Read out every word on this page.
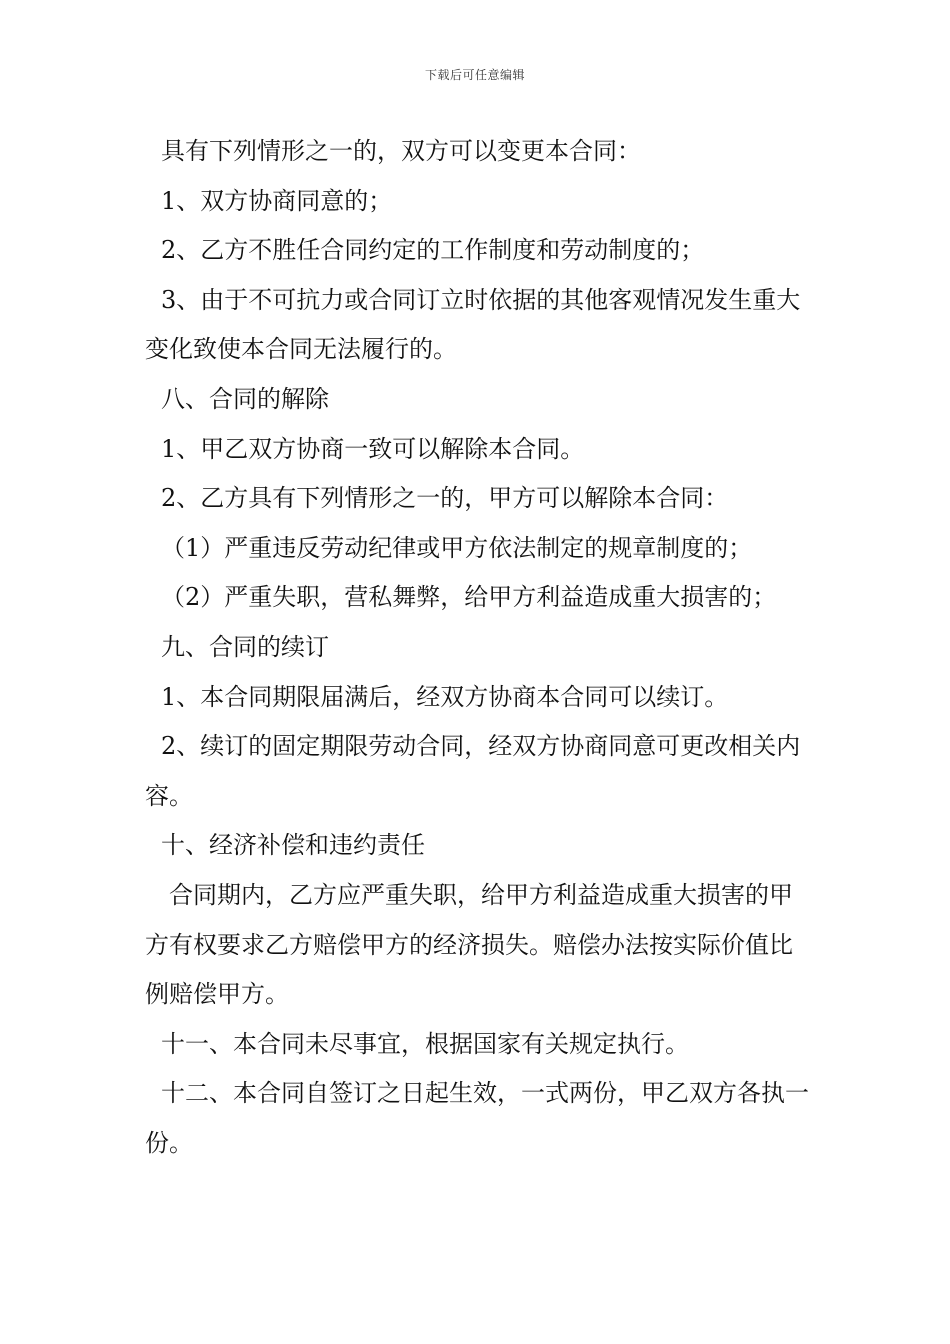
下载后可任意编辑

具有下列情形之一的，双方可以变更本合同：

1、双方协商同意的；

2、乙方不胜任合同约定的工作制度和劳动制度的；

3、由于不可抗力或合同订立时依据的其他客观情况发生重大变化致使本合同无法履行的。

八、合同的解除

1、甲乙双方协商一致可以解除本合同。

2、乙方具有下列情形之一的，甲方可以解除本合同：

（1）严重违反劳动纪律或甲方依法制定的规章制度的；

（2）严重失职，营私舞弊，给甲方利益造成重大损害的；

九、合同的续订

1、本合同期限届满后，经双方协商本合同可以续订。

2、续订的固定期限劳动合同，经双方协商同意可更改相关内容。

十、经济补偿和违约责任

合同期内，乙方应严重失职，给甲方利益造成重大损害的甲方有权要求乙方赔偿甲方的经济损失。赔偿办法按实际价值比例赔偿甲方。

十一、本合同未尽事宜，根据国家有关规定执行。

十二、本合同自签订之日起生效，一式两份，甲乙双方各执一份。
